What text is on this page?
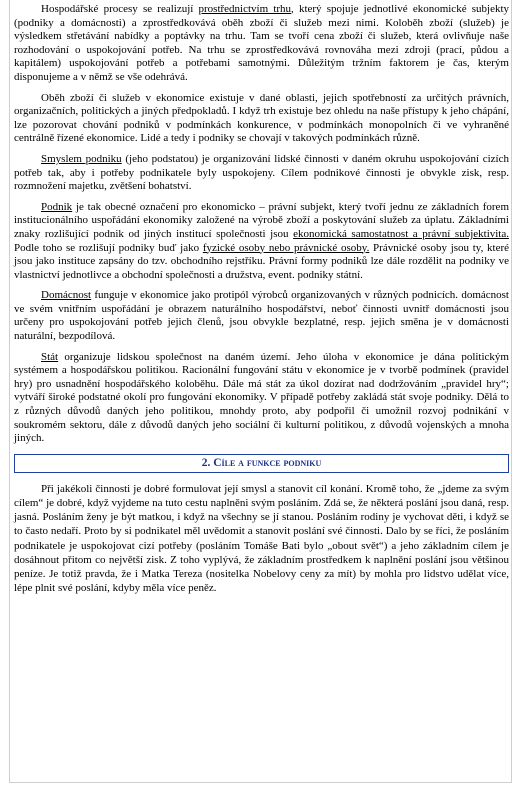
Hospodářské procesy se realizují prostřednictvím trhu, který spojuje jednotlivé ekonomické subjekty (podniky a domácnosti) a zprostředkovává oběh zboží či služeb mezi nimi. Koloběh zboží (služeb) je výsledkem střetávání nabídky a poptávky na trhu. Tam se tvoří cena zboží či služeb, která ovlivňuje naše rozhodování o uspokojování potřeb. Na trhu se zprostředkovává rovnováha mezi zdroji (prací, půdou a kapitálem) uspokojování potřeb a potřebami samotnými. Důležitým tržním faktorem je čas, kterým disponujeme a v němž se vše odehrává.

Oběh zboží či služeb v ekonomice existuje v dané oblasti, jejich spotřebností za určitých právních, organizačních, politických a jiných předpokladů. I když trh existuje bez ohledu na naše přístupy k jeho chápání, lze pozorovat chování podniků v podmínkách konkurence, v podmínkách monopolních či ve vyhraněné centrálně řízené ekonomice. Lidé a tedy i podniky se chovají v takových podmínkách různě.

Smyslem podniku (jeho podstatou) je organizování lidské činnosti v daném okruhu uspokojování cizích potřeb tak, aby i potřeby podnikatele byly uspokojeny. Cílem podnikové činnosti je obvykle zisk, resp. rozmnožení majetku, zvětšení bohatství.

Podnik je tak obecné označení pro ekonomicko – právní subjekt, který tvoří jednu ze základních forem institucionálního uspořádání ekonomiky založené na výrobě zboží a poskytování služeb za úplatu. Základními znaky rozlišující podnik od jiných institucí společnosti jsou ekonomická samostatnost a právní subjektivita. Podle toho se rozlišují podniky buď jako fyzické osoby nebo právnické osoby. Právnické osoby jsou ty, které jsou jako instituce zapsány do tzv. obchodního rejstříku. Právní formy podniků lze dále rozdělit na podniky ve vlastnictví jednotlivce a obchodní společnosti a družstva, event. podniky státní.

Domácnost funguje v ekonomice jako protipól výrobců organizovaných v různých podnicích. domácnost ve svém vnitřním uspořádání je obrazem naturálního hospodářství, neboť činnosti uvnitř domácnosti jsou určeny pro uspokojování potřeb jejich členů, jsou obvykle bezplatné, resp. jejich směna je v domácnosti naturální, bezpodílová.

Stát organizuje lidskou společnost na daném území. Jeho úloha v ekonomice je dána politickým systémem a hospodářskou politikou. Racionální fungování státu v ekonomice je v tvorbě podmínek (pravidel hry) pro usnadnění hospodářského koloběhu. Dále má stát za úkol dozírat nad dodržováním „pravidel hry“; vytváří široké podstatné okolí pro fungování ekonomiky. V případě potřeby zakládá stát svoje podniky. Dělá to z různých důvodů daných jeho politikou, mnohdy proto, aby podpořil či umožnil rozvoj podnikání v soukromém sektoru, dále z důvodů daných jeho sociální či kulturní politikou, z důvodů vojenských a mnoha jiných.

2. Cíle a funkce podniku

Při jakékoli činnosti je dobré formulovat její smysl a stanovit cíl konání. Kromě toho, že „jdeme za svým cílem“ je dobré, když vyjdeme na tuto cestu naplněni svým posláním. Zdá se, že některá poslání jsou daná, resp. jasná. Posláním ženy je být matkou, i když na všechny se jí stanou. Posláním rodiny je vychovat děti, i když se to často nedaří. Proto by si podnikatel měl uvědomit a stanovit poslání své činnosti. Dalo by se říci, že posláním podnikatele je uspokojovat cizí potřeby (posláním Tomáše Bati bylo „obout svět“) a jeho základním cílem je dosáhnout přitom co největší zisk. Z toho vyplývá, že základním prostředkem k naplnění poslání jsou většinou peníze. Je totiž pravda, že i Matka Tereza (nositelka Nobelovy ceny za mít) by mohla pro lidstvo udělat více, lépe plnit své poslání, kdyby měla více peněz.
